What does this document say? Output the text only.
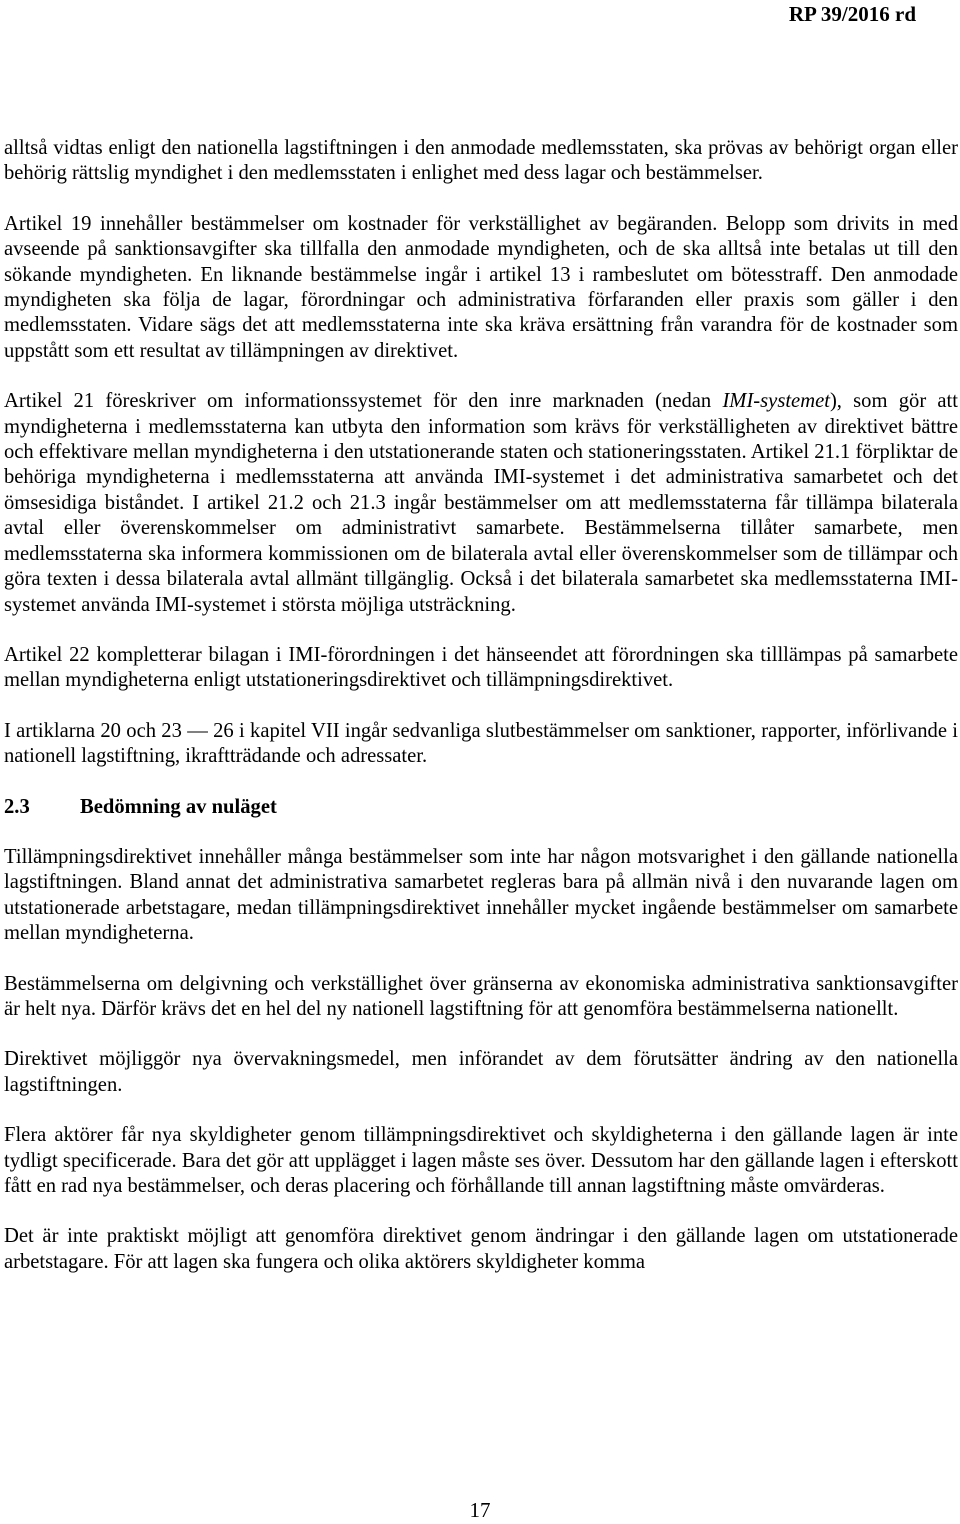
RP 39/2016 rd

alltså vidtas enligt den nationella lagstiftningen i den anmodade medlemsstaten, ska prövas av behörigt organ eller behörig rättslig myndighet i den medlemsstaten i enlighet med dess lagar och bestämmelser.

Artikel 19 innehåller bestämmelser om kostnader för verkställighet av begäranden. Belopp som drivits in med avseende på sanktionsavgifter ska tillfalla den anmodade myndigheten, och de ska alltså inte betalas ut till den sökande myndigheten. En liknande bestämmelse ingår i artikel 13 i rambeslutet om bötesstraff. Den anmodade myndigheten ska följa de lagar, förordningar och administrativa förfaranden eller praxis som gäller i den medlemsstaten. Vidare sägs det att medlemsstaterna inte ska kräva ersättning från varandra för de kostnader som uppstått som ett resultat av tillämpningen av direktivet.

Artikel 21 föreskriver om informationssystemet för den inre marknaden (nedan IMI-systemet), som gör att myndigheterna i medlemsstaterna kan utbyta den information som krävs för verkställigheten av direktivet bättre och effektivare mellan myndigheterna i den utstationerande staten och stationeringsstaten. Artikel 21.1 förpliktar de behöriga myndigheterna i medlemsstaterna att använda IMI-systemet i det administrativa samarbetet och det ömsesidiga biståndet. I artikel 21.2 och 21.3 ingår bestämmelser om att medlemsstaterna får tillämpa bilaterala avtal eller överenskommelser om administrativt samarbete. Bestämmelserna tillåter samarbete, men medlemsstaterna ska informera kommissionen om de bilaterala avtal eller överenskommelser som de tillämpar och göra texten i dessa bilaterala avtal allmänt tillgänglig. Också i det bilaterala samarbetet ska medlemsstaterna IMI-systemet använda IMI-systemet i största möjliga utsträckning.

Artikel 22 kompletterar bilagan i IMI-förordningen i det hänseendet att förordningen ska tilllämpas på samarbete mellan myndigheterna enligt utstationeringsdirektivet och tillämpningsdirektivet.

I artiklarna 20 och 23 — 26 i kapitel VII ingår sedvanliga slutbestämmelser om sanktioner, rapporter, införlivande i nationell lagstiftning, ikraftträdande och adressater.

2.3 Bedömning av nuläget

Tillämpningsdirektivet innehåller många bestämmelser som inte har någon motsvarighet i den gällande nationella lagstiftningen. Bland annat det administrativa samarbetet regleras bara på allmän nivå i den nuvarande lagen om utstationerade arbetstagare, medan tillämpningsdirektivet innehåller mycket ingående bestämmelser om samarbete mellan myndigheterna.

Bestämmelserna om delgivning och verkställighet över gränserna av ekonomiska administrativa sanktionsavgifter är helt nya. Därför krävs det en hel del ny nationell lagstiftning för att genomföra bestämmelserna nationellt.

Direktivet möjliggör nya övervakningsmedel, men införandet av dem förutsätter ändring av den nationella lagstiftningen.

Flera aktörer får nya skyldigheter genom tillämpningsdirektivet och skyldigheterna i den gällande lagen är inte tydligt specificerade. Bara det gör att upplägget i lagen måste ses över. Dessutom har den gällande lagen i efterskott fått en rad nya bestämmelser, och deras placering och förhållande till annan lagstiftning måste omvärderas.

Det är inte praktiskt möjligt att genomföra direktivet genom ändringar i den gällande lagen om utstationerade arbetstagare. För att lagen ska fungera och olika aktörers skyldigheter komma

17
